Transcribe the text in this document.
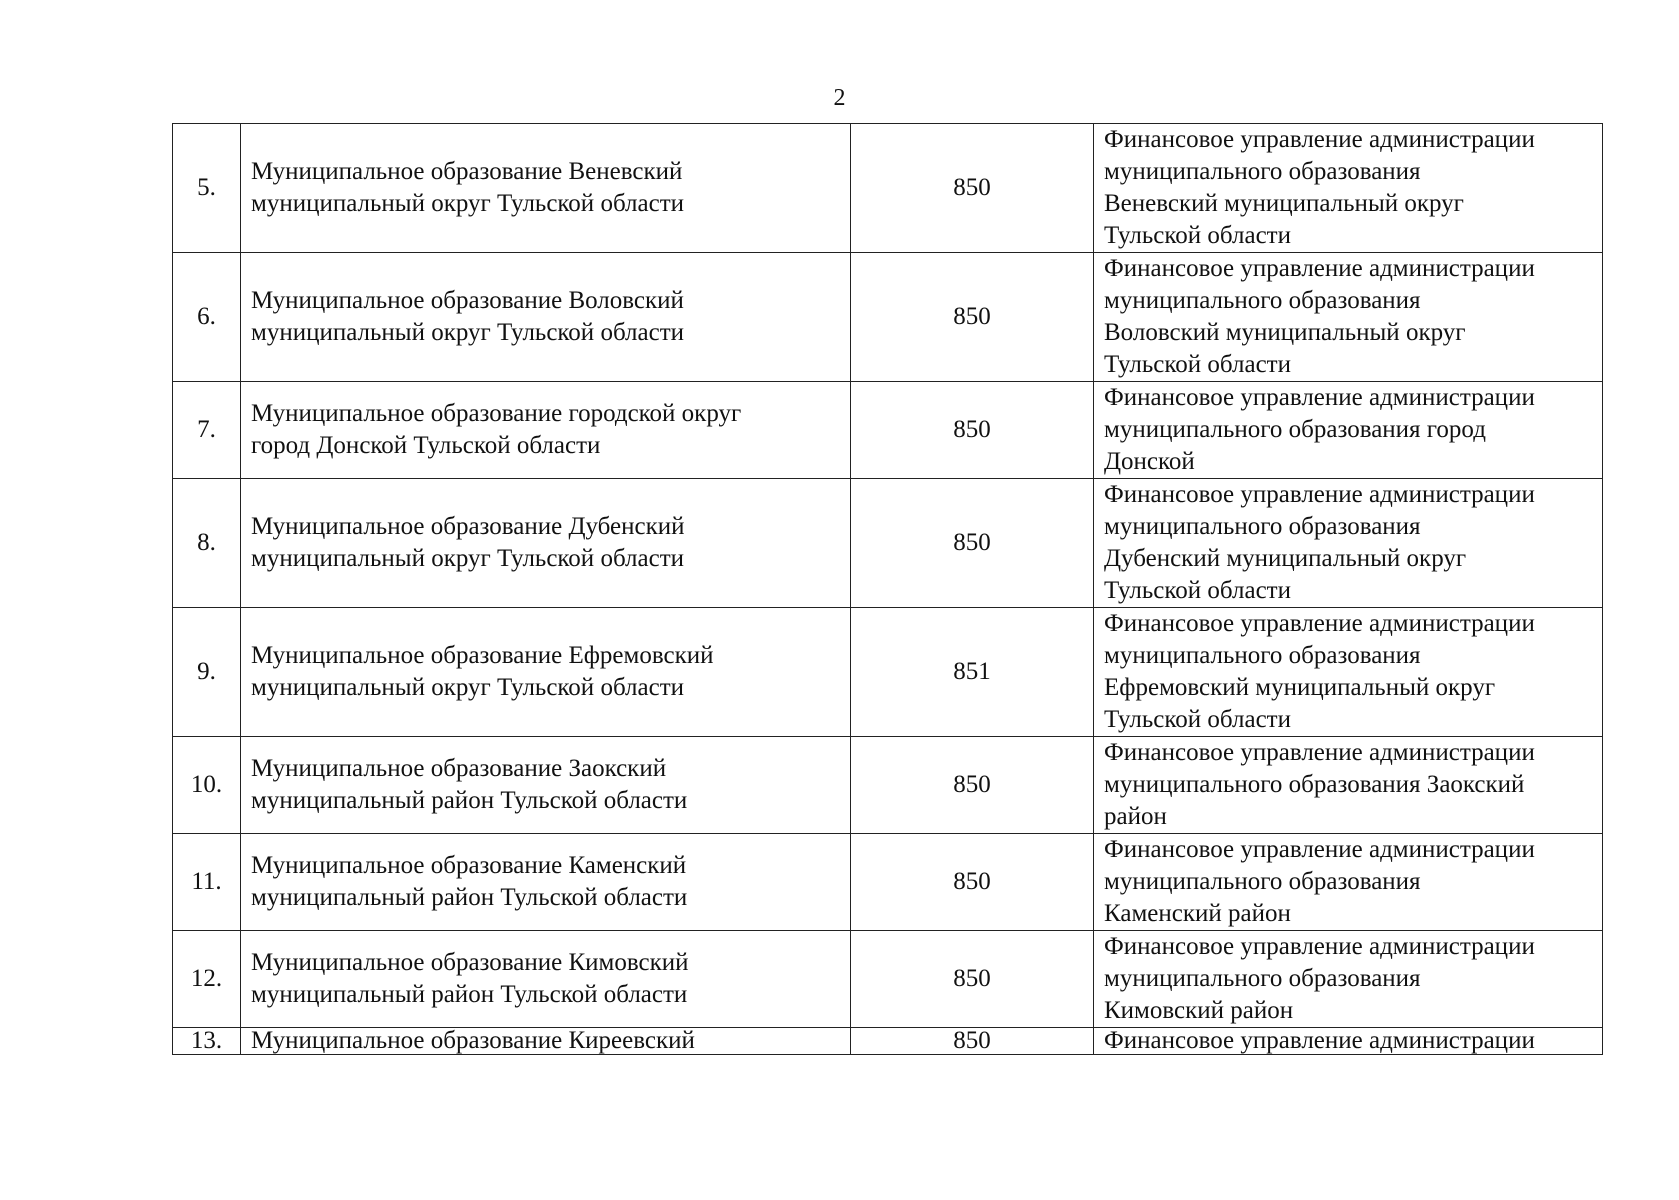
2
5.	Муниципальное образование Веневский
муниципальный округ Тульской области	850	Финансовое управление администрации
муниципального образования
Веневский муниципальный округ
Тульской области

6.	Муниципальное образование Воловский
муниципальный округ Тульской области	850	Финансовое управление администрации
муниципального образования
Воловский муниципальный округ
Тульской области

7.	Муниципальное образование городской округ
город Донской Тульской области	850	Финансовое управление администрации
муниципального образования город
Донской

8.	Муниципальное образование Дубенский
муниципальный округ Тульской области	850	Финансовое управление администрации
муниципального образования
Дубенский муниципальный округ
Тульской области

9.	Муниципальное образование Ефремовский
муниципальный округ Тульской области	851	Финансовое управление администрации
муниципального образования
Ефремовский муниципальный округ
Тульской области

10.	Муниципальное образование Заокский
муниципальный район Тульской области	850	Финансовое управление администрации
муниципального образования Заокский
район

11.	Муниципальное образование Каменский
муниципальный район Тульской области	850	Финансовое управление администрации
муниципального образования
Каменский район

12.	Муниципальное образование Кимовский
муниципальный район Тульской области	850	Финансовое управление администрации
муниципального образования
Кимовский район

13.	Муниципальное образование Киреевский	850	Финансовое управление администрации
